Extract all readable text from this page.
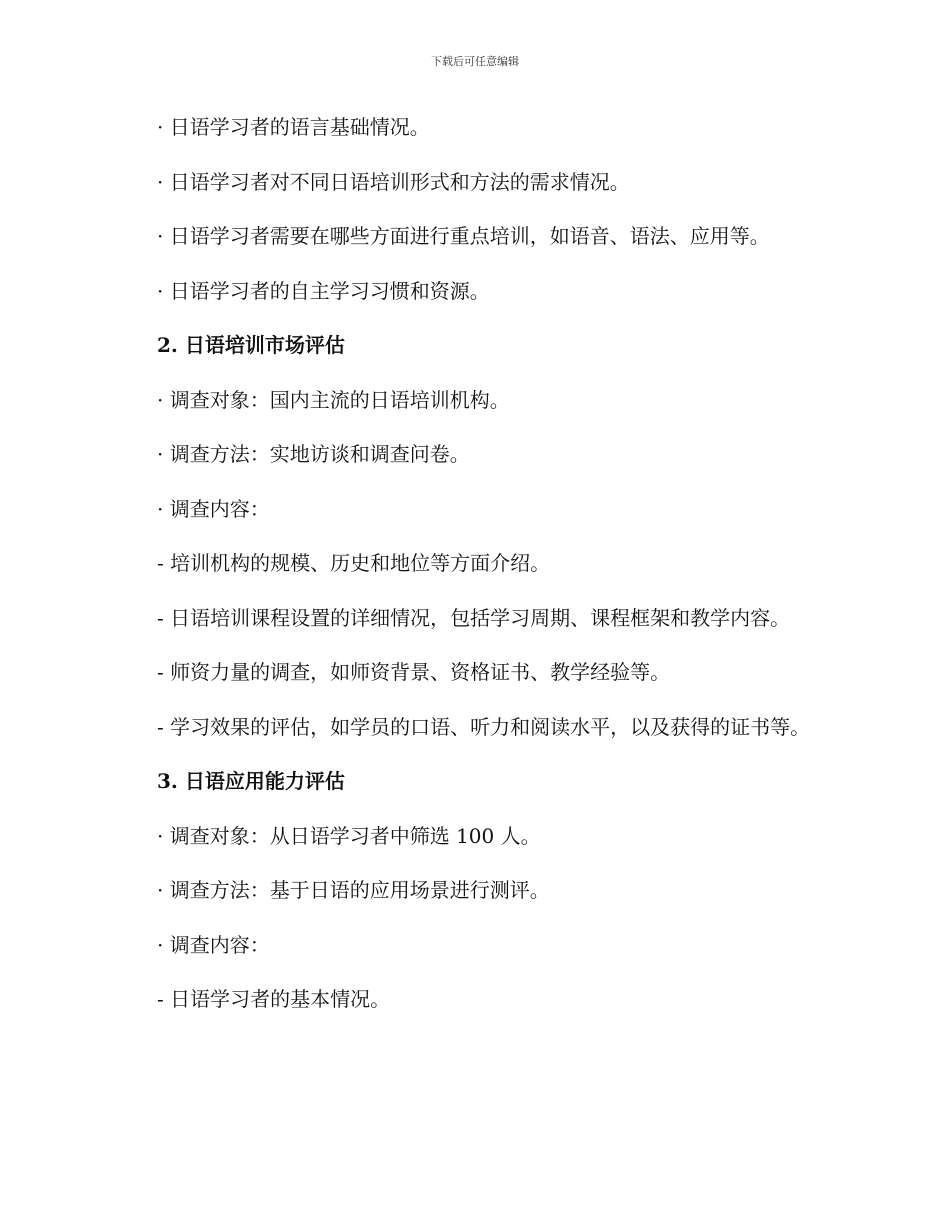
下载后可任意编辑

· 日语学习者的语言基础情况。

· 日语学习者对不同日语培训形式和方法的需求情况。

· 日语学习者需要在哪些方面进行重点培训，如语音、语法、应用等。

· 日语学习者的自主学习习惯和资源。

2. 日语培训市场评估

· 调查对象：国内主流的日语培训机构。

· 调查方法：实地访谈和调查问卷。

· 调查内容：

- 培训机构的规模、历史和地位等方面介绍。

- 日语培训课程设置的详细情况，包括学习周期、课程框架和教学内容。

- 师资力量的调查，如师资背景、资格证书、教学经验等。

- 学习效果的评估，如学员的口语、听力和阅读水平，以及获得的证书等。

3. 日语应用能力评估

· 调查对象：从日语学习者中筛选 100 人。

· 调查方法：基于日语的应用场景进行测评。

· 调查内容：

- 日语学习者的基本情况。
